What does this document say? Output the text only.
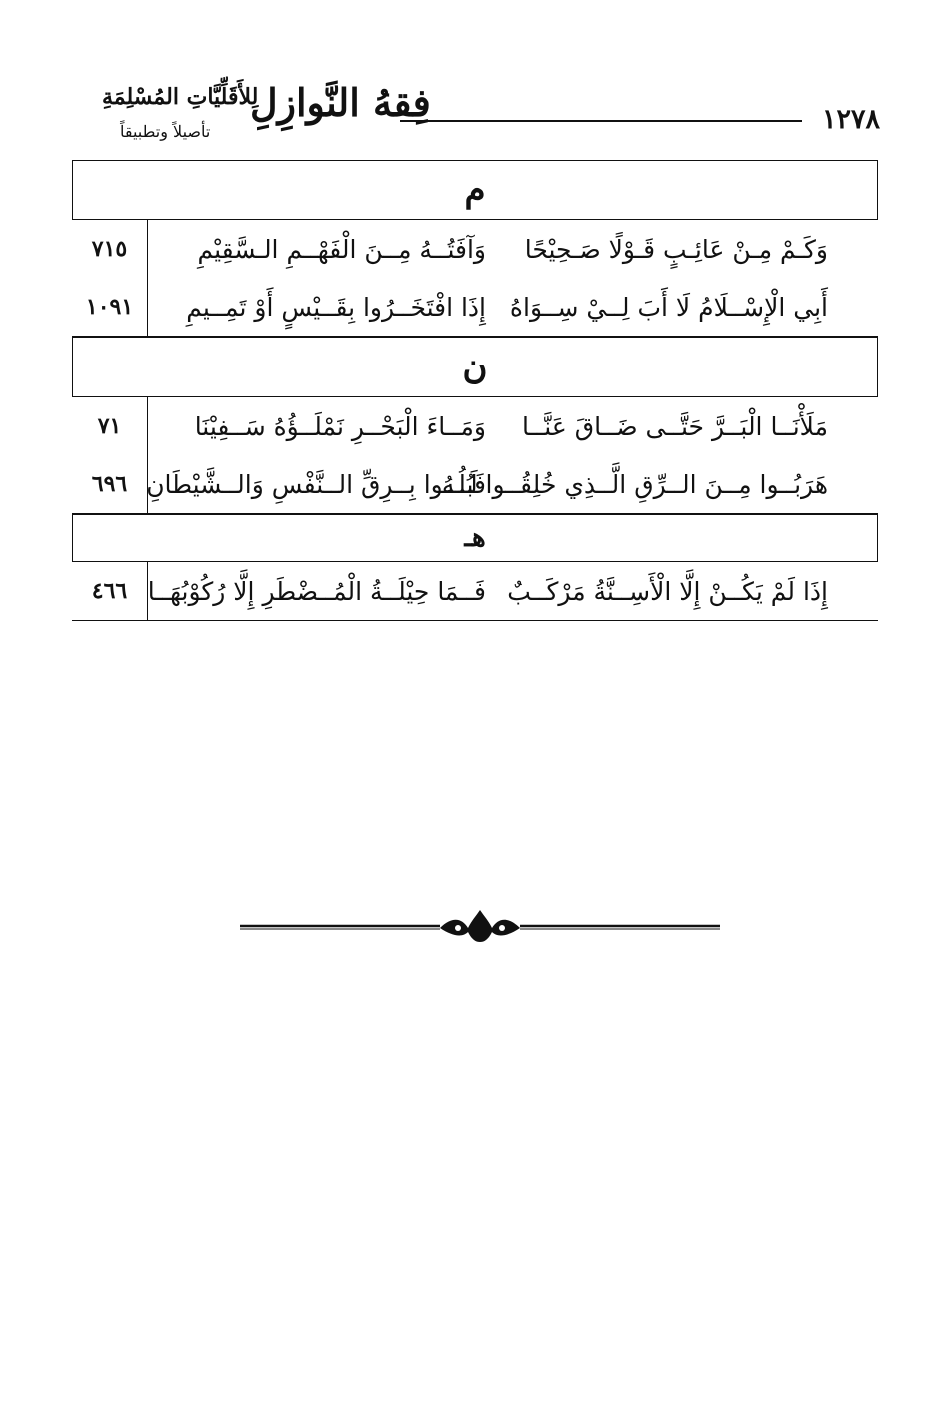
١٢٧٨
فِقهُ النَّوازِلِ
لِلأَقَلِّيَّاتِ المُسْلِمَةِ
تأصيلاً وتطبيقاً
م
وَكَـمْ مِـنْ عَائِـبٍ قَـوْلًا صَـحِيْحًا
وَآفَتُــهُ مِــنَ الْفَهْــمِ الـسَّقِيْمِ
أَبِي الْإِسْــلَامُ لَا أَبَ لِــيْ سِــوَاهُ
إِذَا افْتَخَــرُوا بِقَــيْسٍ أَوْ تَمِــيمِ
٧١٥
١٠٩١
ن
مَلَأْنَــا الْبَــرَّ حَتَّــى ضَــاقَ عَنَّــا
وَمَــاءَ الْبَحْــرِ نَمْلَــؤُهُ سَــفِيْنَا
هَرَبُــوا مِــنَ الــرِّقِ الَّــذِي خُلِقُــوا لَــهُ
فَبُلُــوا بِــرِقِّ الــنَّفْسِ وَالــشَّيْطَانِ
٧١
٦٩٦
هـ
إِذَا لَمْ يَكُــنْ إِلَّا الْأَسِــنَّةُ مَرْكَــبٌ
فَــمَا حِيْلَــةُ الْمُــضْطَرِ إِلَّا رُكُوْبُهَــا
٤٦٦
